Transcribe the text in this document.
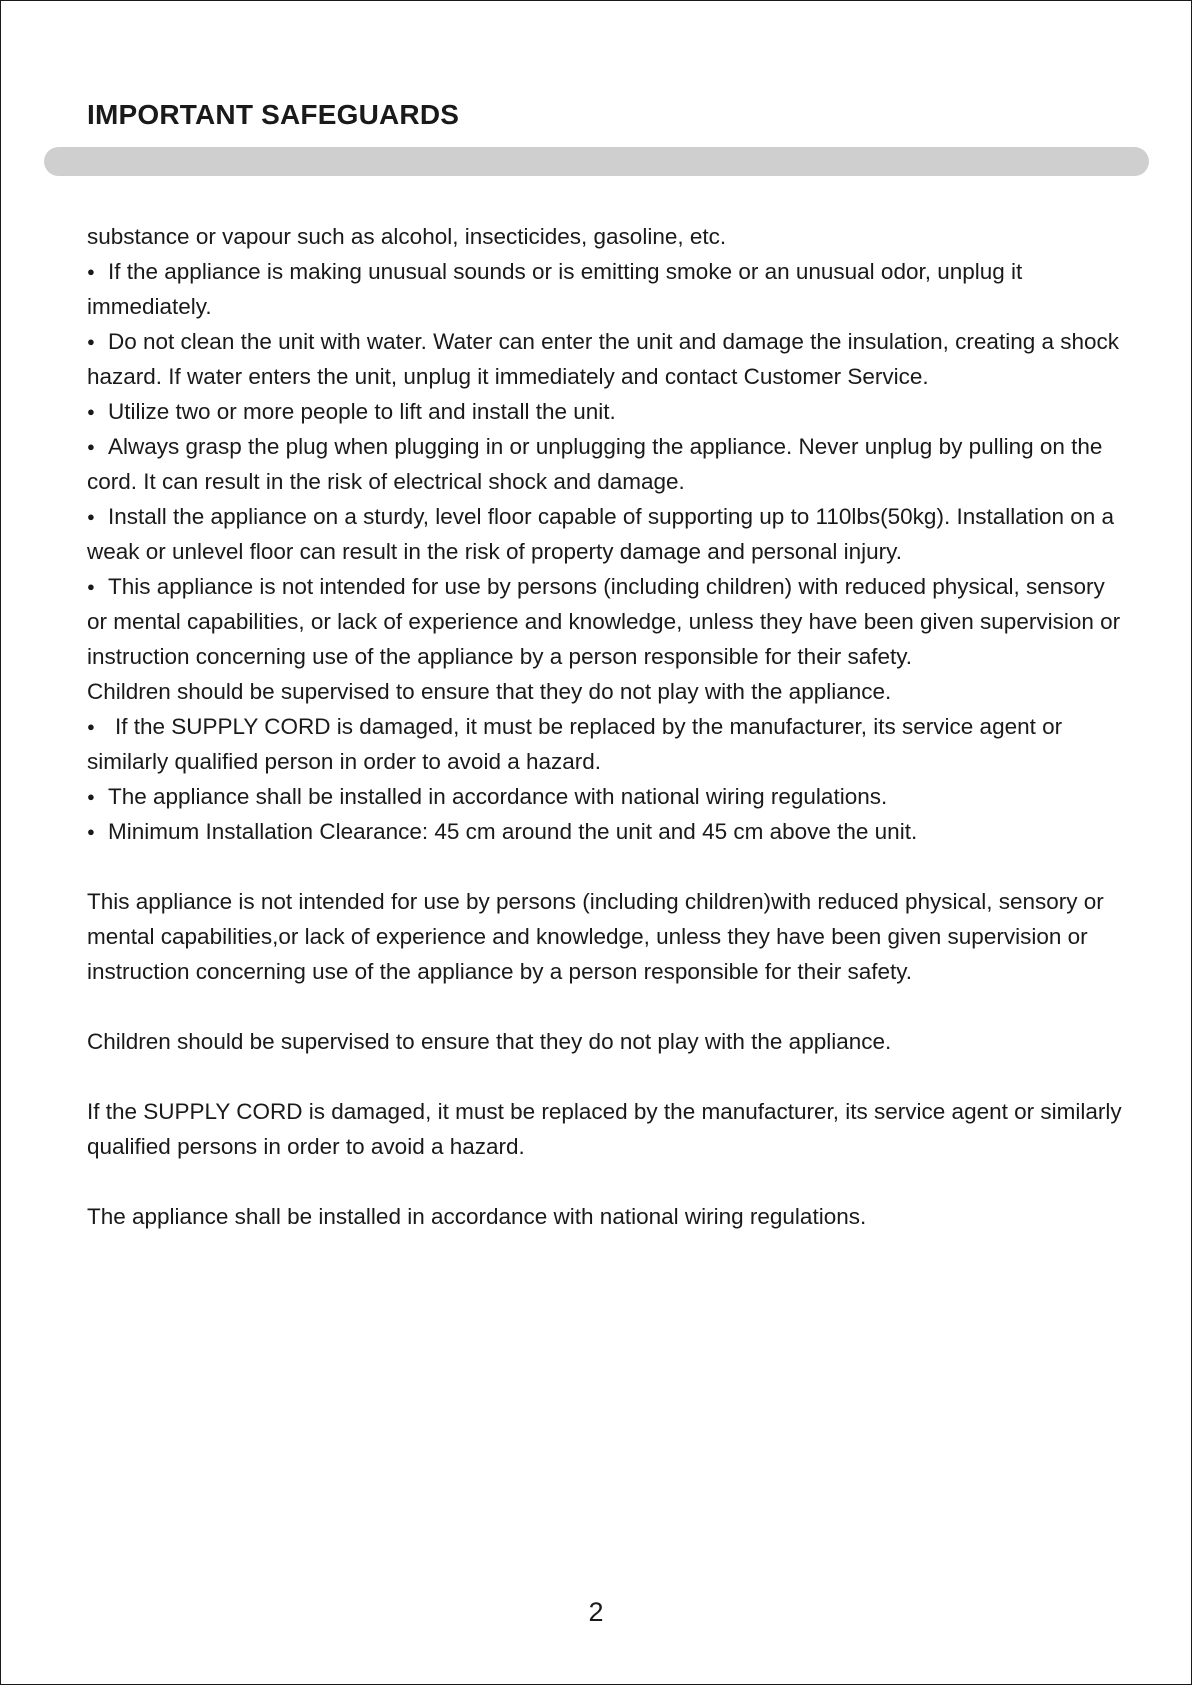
IMPORTANT SAFEGUARDS

substance or vapour such as alcohol, insecticides, gasoline, etc.

● If the appliance is making unusual sounds or is emitting smoke or an unusual odor, unplug it immediately.

● Do not clean the unit with water. Water can enter the unit and damage the insulation, creating a shock hazard. If water enters the unit, unplug it immediately and contact Customer Service.

● Utilize two or more people to lift and install the unit.

● Always grasp the plug when plugging in or unplugging the appliance. Never unplug by pulling on the cord. It can result in the risk of electrical shock and damage.

● Install the appliance on a sturdy, level floor capable of supporting up to 110lbs(50kg). Installation on a weak or unlevel floor can result in the risk of property damage and personal injury.

● This appliance is not intended for use by persons (including children) with reduced physical, sensory or mental capabilities, or lack of experience and knowledge, unless they have been given supervision or instruction concerning use of the appliance by a person responsible for their safety.

Children should be supervised to ensure that they do not play with the appliance.

● If the SUPPLY CORD is damaged, it must be replaced by the manufacturer, its service agent or similarly qualified person in order to avoid a hazard.

● The appliance shall be installed in accordance with national wiring regulations.

● Minimum Installation Clearance: 45 cm around the unit and 45 cm above the unit.

This appliance is not intended for use by persons (including children)with reduced physical, sensory or mental capabilities,or lack of experience and knowledge, unless they have been given supervision or instruction concerning use of the appliance by a person responsible for their safety.

Children should be supervised to ensure that they do not play with the appliance.

If the SUPPLY CORD is damaged, it must be replaced by the manufacturer, its service agent or similarly qualified persons in order to avoid a hazard.

The appliance shall be installed in accordance with national wiring regulations.

2
